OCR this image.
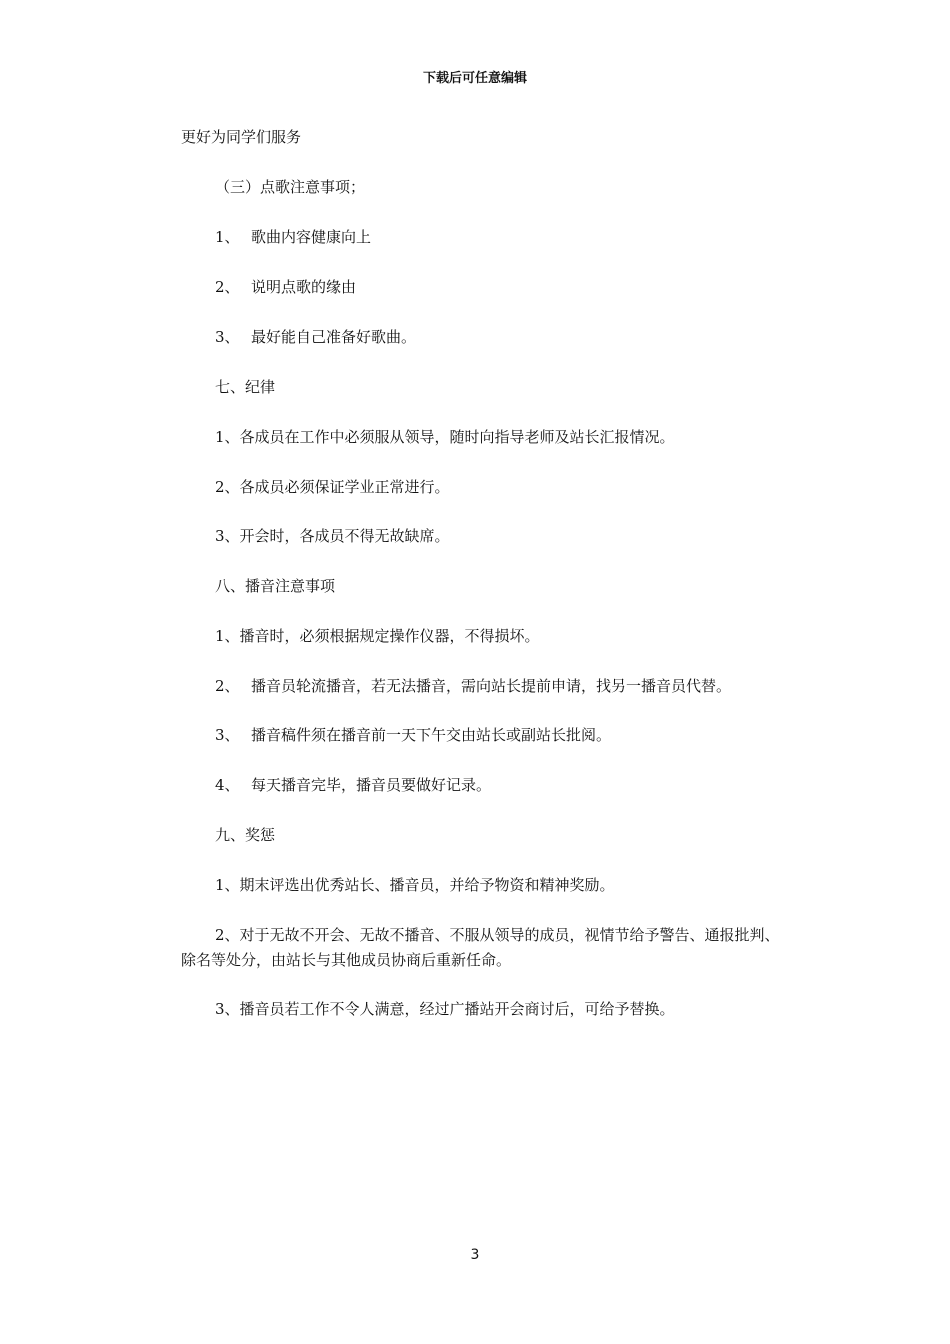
下载后可任意编辑
更好为同学们服务
（三）点歌注意事项；
1、 歌曲内容健康向上
2、 说明点歌的缘由
3、 最好能自己准备好歌曲。
七、纪律
1、各成员在工作中必须服从领导，随时向指导老师及站长汇报情况。
2、各成员必须保证学业正常进行。
3、开会时，各成员不得无故缺席。
八、播音注意事项
1、播音时，必须根据规定操作仪器，不得损坏。
2、 播音员轮流播音，若无法播音，需向站长提前申请，找另一播音员代替。
3、 播音稿件须在播音前一天下午交由站长或副站长批阅。
4、 每天播音完毕，播音员要做好记录。
九、奖惩
1、期末评选出优秀站长、播音员，并给予物资和精神奖励。
2、对于无故不开会、无故不播音、不服从领导的成员，视情节给予警告、通报批判、除名等处分，由站长与其他成员协商后重新任命。
3、播音员若工作不令人满意，经过广播站开会商讨后，可给予替换。
3
